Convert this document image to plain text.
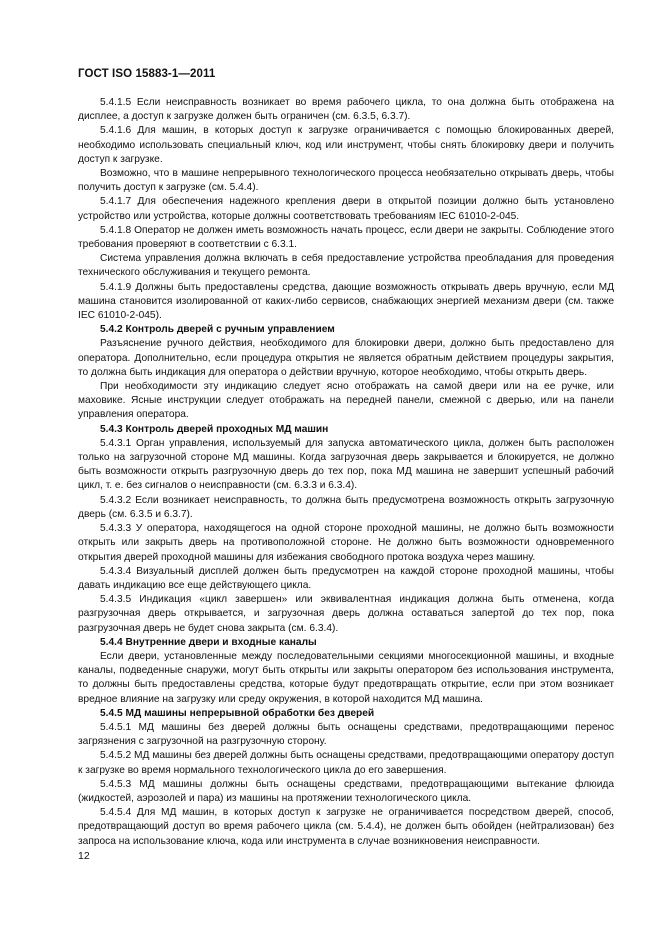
ГОСТ ISO 15883-1—2011

5.4.1.5 Если неисправность возникает во время рабочего цикла, то она должна быть отображена на дисплее, а доступ к загрузке должен быть ограничен (см. 6.3.5, 6.3.7).

5.4.1.6 Для машин, в которых доступ к загрузке ограничивается с помощью блокированных дверей, необходимо использовать специальный ключ, код или инструмент, чтобы снять блокировку двери и получить доступ к загрузке.

Возможно, что в машине непрерывного технологического процесса необязательно открывать дверь, чтобы получить доступ к загрузке (см. 5.4.4).

5.4.1.7 Для обеспечения надежного крепления двери в открытой позиции должно быть установлено устройство или устройства, которые должны соответствовать требованиям IEC 61010-2-045.

5.4.1.8 Оператор не должен иметь возможность начать процесс, если двери не закрыты. Соблюдение этого требования проверяют в соответствии с 6.3.1.

Система управления должна включать в себя предоставление устройства преобладания для проведения технического обслуживания и текущего ремонта.

5.4.1.9 Должны быть предоставлены средства, дающие возможность открывать дверь вручную, если МД машина становится изолированной от каких-либо сервисов, снабжающих энергией механизм двери (см. также IEC 61010-2-045).

5.4.2 Контроль дверей с ручным управлением

Разъяснение ручного действия, необходимого для блокировки двери, должно быть предоставлено для оператора. Дополнительно, если процедура открытия не является обратным действием процедуры закрытия, то должна быть индикация для оператора о действии вручную, которое необходимо, чтобы открыть дверь.

При необходимости эту индикацию следует ясно отображать на самой двери или на ее ручке, или маховике. Ясные инструкции следует отображать на передней панели, смежной с дверью, или на панели управления оператора.

5.4.3 Контроль дверей проходных МД машин

5.4.3.1 Орган управления, используемый для запуска автоматического цикла, должен быть расположен только на загрузочной стороне МД машины. Когда загрузочная дверь закрывается и блокируется, не должно быть возможности открыть разгрузочную дверь до тех пор, пока МД машина не завершит успешный рабочий цикл, т. е. без сигналов о неисправности (см. 6.3.3 и 6.3.4).

5.4.3.2 Если возникает неисправность, то должна быть предусмотрена возможность открыть загрузочную дверь (см. 6.3.5 и 6.3.7).

5.4.3.3 У оператора, находящегося на одной стороне проходной машины, не должно быть возможности открыть или закрыть дверь на противоположной стороне. Не должно быть возможности одновременного открытия дверей проходной машины для избежания свободного протока воздуха через машину.

5.4.3.4 Визуальный дисплей должен быть предусмотрен на каждой стороне проходной машины, чтобы давать индикацию все еще действующего цикла.

5.4.3.5 Индикация «цикл завершен» или эквивалентная индикация должна быть отменена, когда разгрузочная дверь открывается, и загрузочная дверь должна оставаться запертой до тех пор, пока разгрузочная дверь не будет снова закрыта (см. 6.3.4).

5.4.4 Внутренние двери и входные каналы

Если двери, установленные между последовательными секциями многосекционной машины, и входные каналы, подведенные снаружи, могут быть открыты или закрыты оператором без использования инструмента, то должны быть предоставлены средства, которые будут предотвращать открытие, если при этом возникает вредное влияние на загрузку или среду окружения, в которой находится МД машина.

5.4.5 МД машины непрерывной обработки без дверей

5.4.5.1 МД машины без дверей должны быть оснащены средствами, предотвращающими перенос загрязнения с загрузочной на разгрузочную сторону.

5.4.5.2 МД машины без дверей должны быть оснащены средствами, предотвращающими оператору доступ к загрузке во время нормального технологического цикла до его завершения.

5.4.5.3 МД машины должны быть оснащены средствами, предотвращающими вытекание флюида (жидкостей, аэрозолей и пара) из машины на протяжении технологического цикла.

5.4.5.4 Для МД машин, в которых доступ к загрузке не ограничивается посредством дверей, способ, предотвращающий доступ во время рабочего цикла (см. 5.4.4), не должен быть обойден (нейтрализован) без запроса на использование ключа, кода или инструмента в случае возникновения неисправности.

12
